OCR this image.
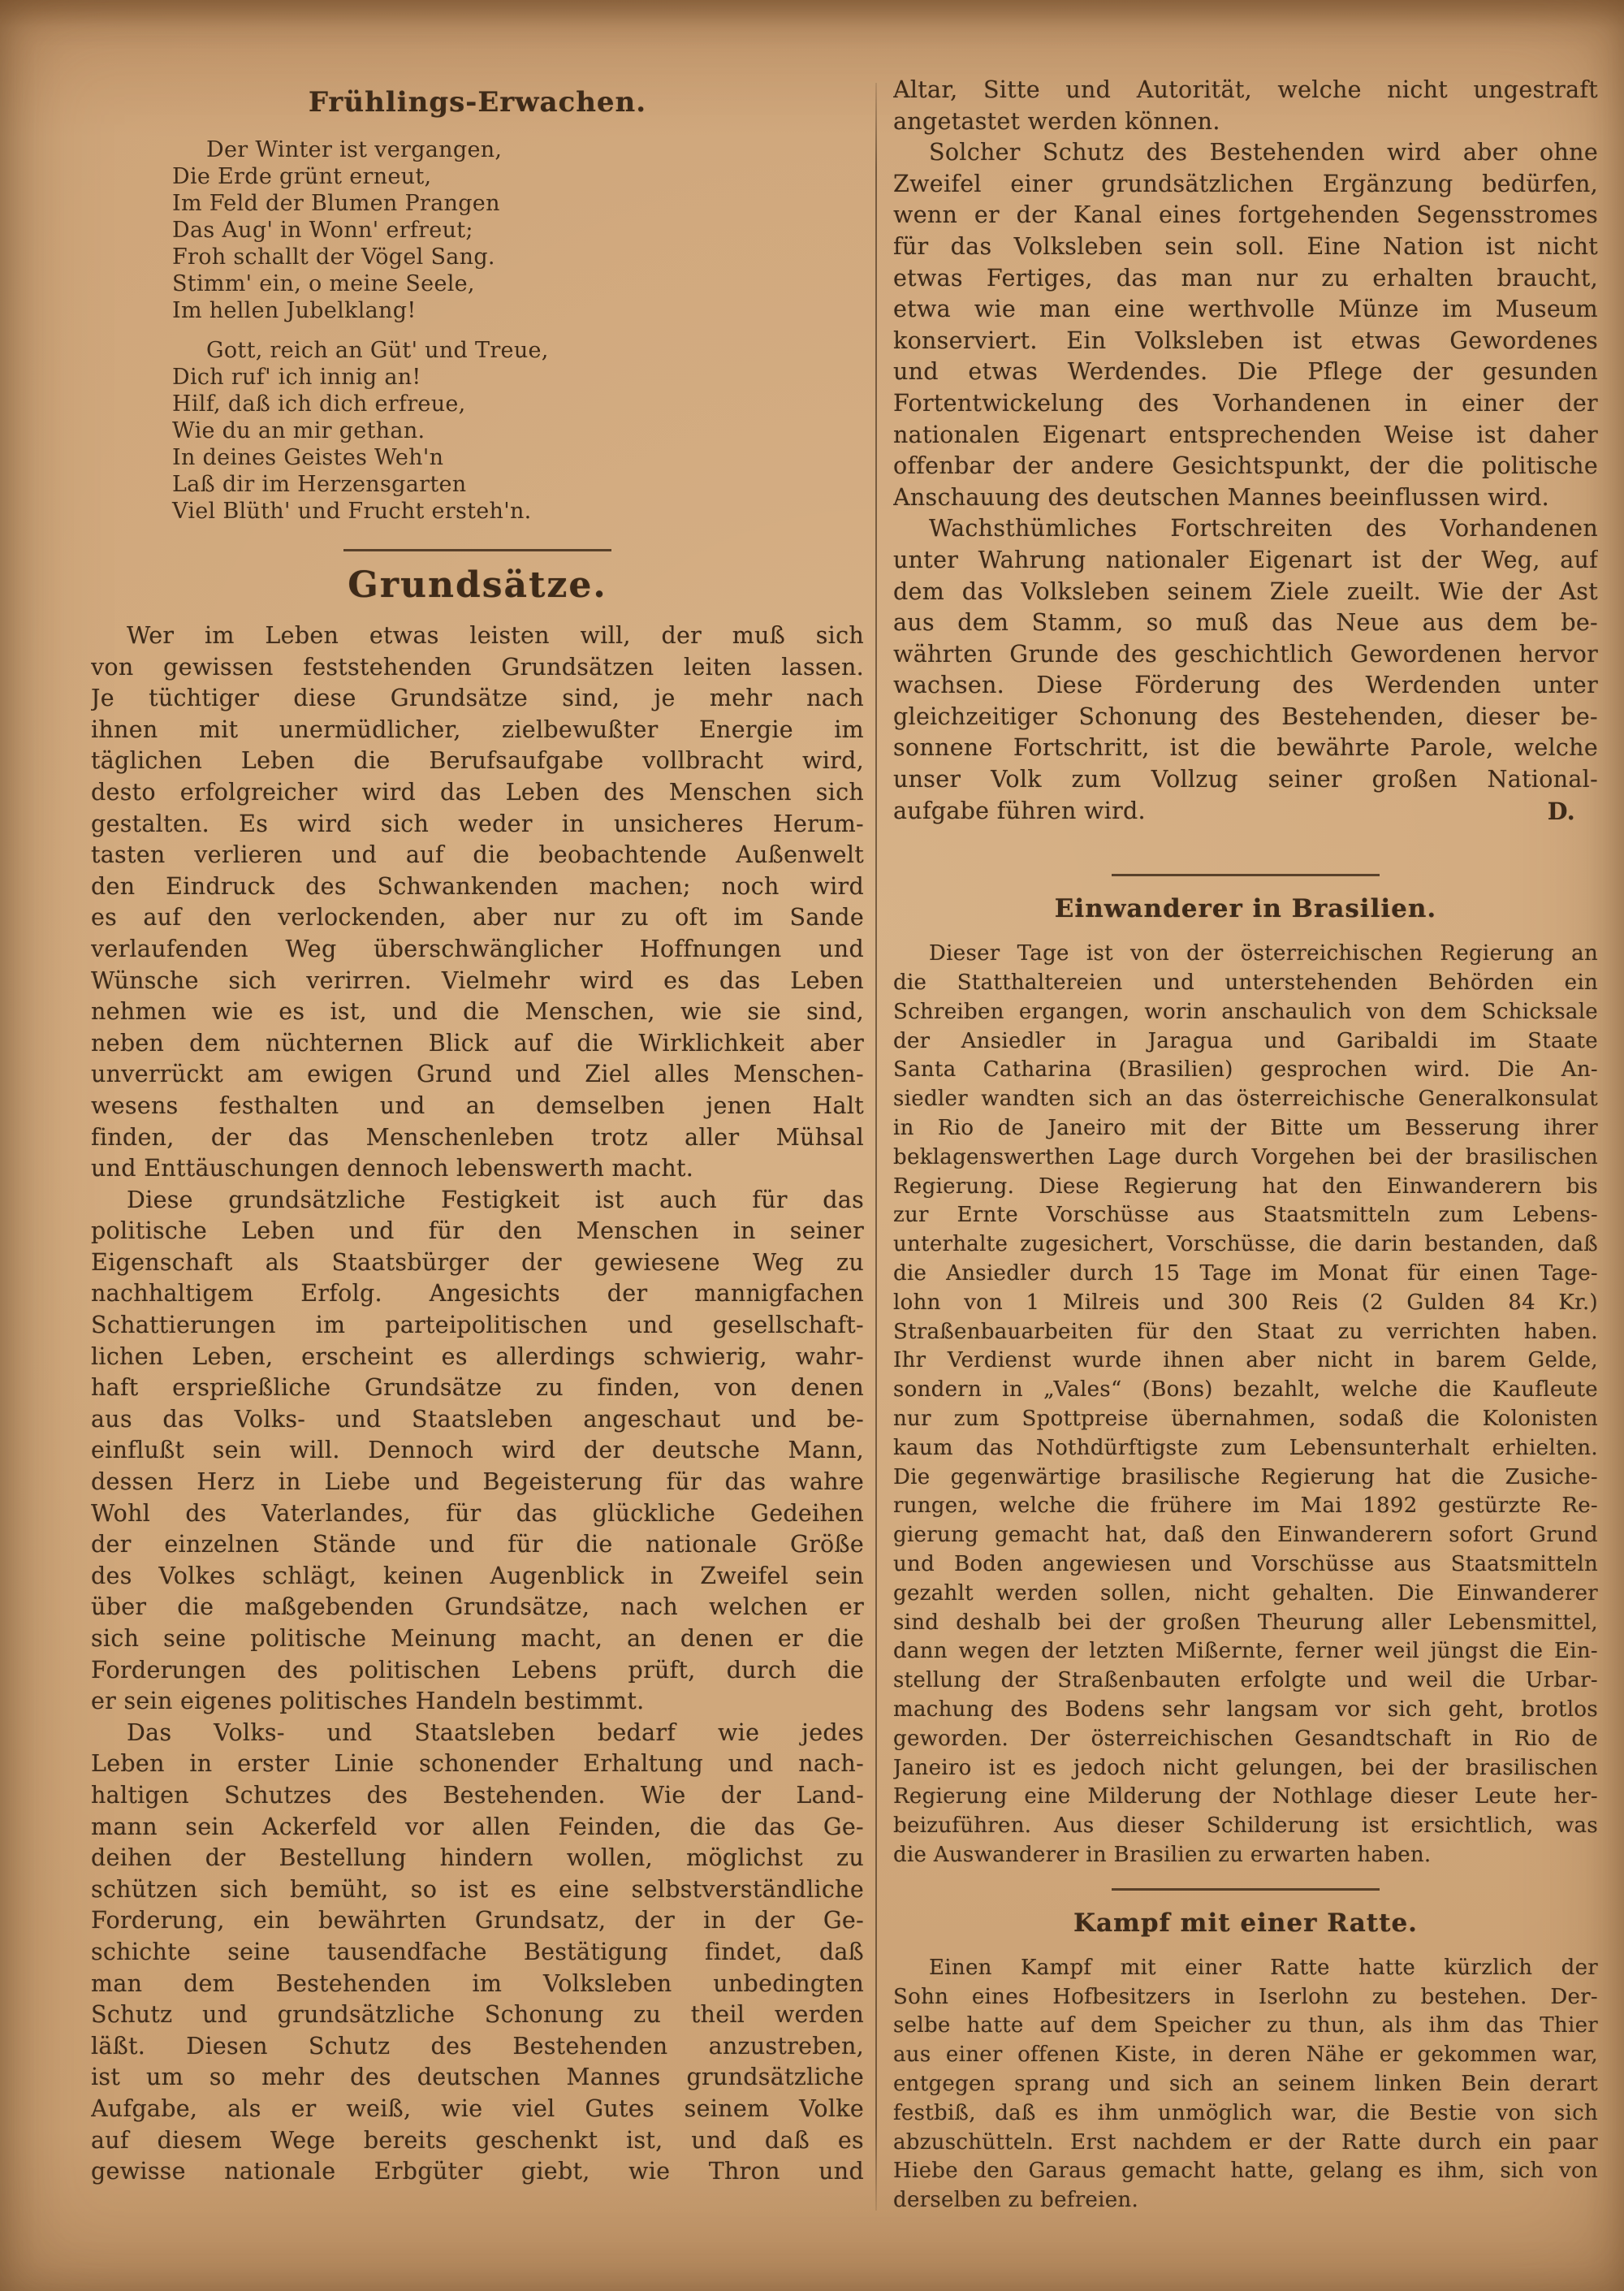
Frühlings-Erwachen.
Der Winter ist vergangen,
Die Erde grünt erneut,
Im Feld der Blumen Prangen
Das Aug' in Wonn' erfreut;
Froh schallt der Vögel Sang.
Stimm' ein, o meine Seele,
Im hellen Jubelklang!
Gott, reich an Güt' und Treue,
Dich ruf' ich innig an!
Hilf, daß ich dich erfreue,
Wie du an mir gethan.
In deines Geistes Weh'n
Laß dir im Herzensgarten
Viel Blüth' und Frucht ersteh'n.
Grundsätze.
Wer im Leben etwas leisten will, der muß sich
von gewissen feststehenden Grundsätzen leiten lassen.
Je tüchtiger diese Grundsätze sind, je mehr nach
ihnen mit unermüdlicher, zielbewußter Energie im
täglichen Leben die Berufsaufgabe vollbracht wird,
desto erfolgreicher wird das Leben des Menschen sich
gestalten. Es wird sich weder in unsicheres Herum-
tasten verlieren und auf die beobachtende Außenwelt
den Eindruck des Schwankenden machen; noch wird
es auf den verlockenden, aber nur zu oft im Sande
verlaufenden Weg überschwänglicher Hoffnungen und
Wünsche sich verirren. Vielmehr wird es das Leben
nehmen wie es ist, und die Menschen, wie sie sind,
neben dem nüchternen Blick auf die Wirklichkeit aber
unverrückt am ewigen Grund und Ziel alles Menschen-
wesens festhalten und an demselben jenen Halt
finden, der das Menschenleben trotz aller Mühsal
und Enttäuschungen dennoch lebenswerth macht.
Diese grundsätzliche Festigkeit ist auch für das
politische Leben und für den Menschen in seiner
Eigenschaft als Staatsbürger der gewiesene Weg zu
nachhaltigem Erfolg. Angesichts der mannigfachen
Schattierungen im parteipolitischen und gesellschaft-
lichen Leben, erscheint es allerdings schwierig, wahr-
haft ersprießliche Grundsätze zu finden, von denen
aus das Volks- und Staatsleben angeschaut und be-
einflußt sein will. Dennoch wird der deutsche Mann,
dessen Herz in Liebe und Begeisterung für das wahre
Wohl des Vaterlandes, für das glückliche Gedeihen
der einzelnen Stände und für die nationale Größe
des Volkes schlägt, keinen Augenblick in Zweifel sein
über die maßgebenden Grundsätze, nach welchen er
sich seine politische Meinung macht, an denen er die
Forderungen des politischen Lebens prüft, durch die
er sein eigenes politisches Handeln bestimmt.
Das Volks- und Staatsleben bedarf wie jedes
Leben in erster Linie schonender Erhaltung und nach-
haltigen Schutzes des Bestehenden. Wie der Land-
mann sein Ackerfeld vor allen Feinden, die das Ge-
deihen der Bestellung hindern wollen, möglichst zu
schützen sich bemüht, so ist es eine selbstverständliche
Forderung, ein bewährten Grundsatz, der in der Ge-
schichte seine tausendfache Bestätigung findet, daß
man dem Bestehenden im Volksleben unbedingten
Schutz und grundsätzliche Schonung zu theil werden
läßt. Diesen Schutz des Bestehenden anzustreben,
ist um so mehr des deutschen Mannes grundsätzliche
Aufgabe, als er weiß, wie viel Gutes seinem Volke
auf diesem Wege bereits geschenkt ist, und daß es
gewisse nationale Erbgüter giebt, wie Thron und
Altar, Sitte und Autorität, welche nicht ungestraft
angetastet werden können.
Solcher Schutz des Bestehenden wird aber ohne
Zweifel einer grundsätzlichen Ergänzung bedürfen,
wenn er der Kanal eines fortgehenden Segensstromes
für das Volksleben sein soll. Eine Nation ist nicht
etwas Fertiges, das man nur zu erhalten braucht,
etwa wie man eine werthvolle Münze im Museum
konserviert. Ein Volksleben ist etwas Gewordenes
und etwas Werdendes. Die Pflege der gesunden
Fortentwickelung des Vorhandenen in einer der
nationalen Eigenart entsprechenden Weise ist daher
offenbar der andere Gesichtspunkt, der die politische
Anschauung des deutschen Mannes beeinflussen wird.
Wachsthümliches Fortschreiten des Vorhandenen
unter Wahrung nationaler Eigenart ist der Weg, auf
dem das Volksleben seinem Ziele zueilt. Wie der Ast
aus dem Stamm, so muß das Neue aus dem be-
währten Grunde des geschichtlich Gewordenen hervor
wachsen. Diese Förderung des Werdenden unter
gleichzeitiger Schonung des Bestehenden, dieser be-
sonnene Fortschritt, ist die bewährte Parole, welche
unser Volk zum Vollzug seiner großen National-
aufgabe führen wird.	D.
Einwanderer in Brasilien.
Dieser Tage ist von der österreichischen Regierung an
die Statthaltereien und unterstehenden Behörden ein
Schreiben ergangen, worin anschaulich von dem Schicksale
der Ansiedler in Jaragua und Garibaldi im Staate
Santa Catharina (Brasilien) gesprochen wird. Die An-
siedler wandten sich an das österreichische Generalkonsulat
in Rio de Janeiro mit der Bitte um Besserung ihrer
beklagenswerthen Lage durch Vorgehen bei der brasilischen
Regierung. Diese Regierung hat den Einwanderern bis
zur Ernte Vorschüsse aus Staatsmitteln zum Lebens-
unterhalte zugesichert, Vorschüsse, die darin bestanden, daß
die Ansiedler durch 15 Tage im Monat für einen Tage-
lohn von 1 Milreis und 300 Reis (2 Gulden 84 Kr.)
Straßenbauarbeiten für den Staat zu verrichten haben.
Ihr Verdienst wurde ihnen aber nicht in barem Gelde,
sondern in „Vales“ (Bons) bezahlt, welche die Kaufleute
nur zum Spottpreise übernahmen, sodaß die Kolonisten
kaum das Nothdürftigste zum Lebensunterhalt erhielten.
Die gegenwärtige brasilische Regierung hat die Zusiche-
rungen, welche die frühere im Mai 1892 gestürzte Re-
gierung gemacht hat, daß den Einwanderern sofort Grund
und Boden angewiesen und Vorschüsse aus Staatsmitteln
gezahlt werden sollen, nicht gehalten. Die Einwanderer
sind deshalb bei der großen Theurung aller Lebensmittel,
dann wegen der letzten Mißernte, ferner weil jüngst die Ein-
stellung der Straßenbauten erfolgte und weil die Urbar-
machung des Bodens sehr langsam vor sich geht, brotlos
geworden. Der österreichischen Gesandtschaft in Rio de
Janeiro ist es jedoch nicht gelungen, bei der brasilischen
Regierung eine Milderung der Nothlage dieser Leute her-
beizuführen. Aus dieser Schilderung ist ersichtlich, was
die Auswanderer in Brasilien zu erwarten haben.
Kampf mit einer Ratte.
Einen Kampf mit einer Ratte hatte kürzlich der
Sohn eines Hofbesitzers in Iserlohn zu bestehen. Der-
selbe hatte auf dem Speicher zu thun, als ihm das Thier
aus einer offenen Kiste, in deren Nähe er gekommen war,
entgegen sprang und sich an seinem linken Bein derart
festbiß, daß es ihm unmöglich war, die Bestie von sich
abzuschütteln. Erst nachdem er der Ratte durch ein paar
Hiebe den Garaus gemacht hatte, gelang es ihm, sich von
derselben zu befreien.
